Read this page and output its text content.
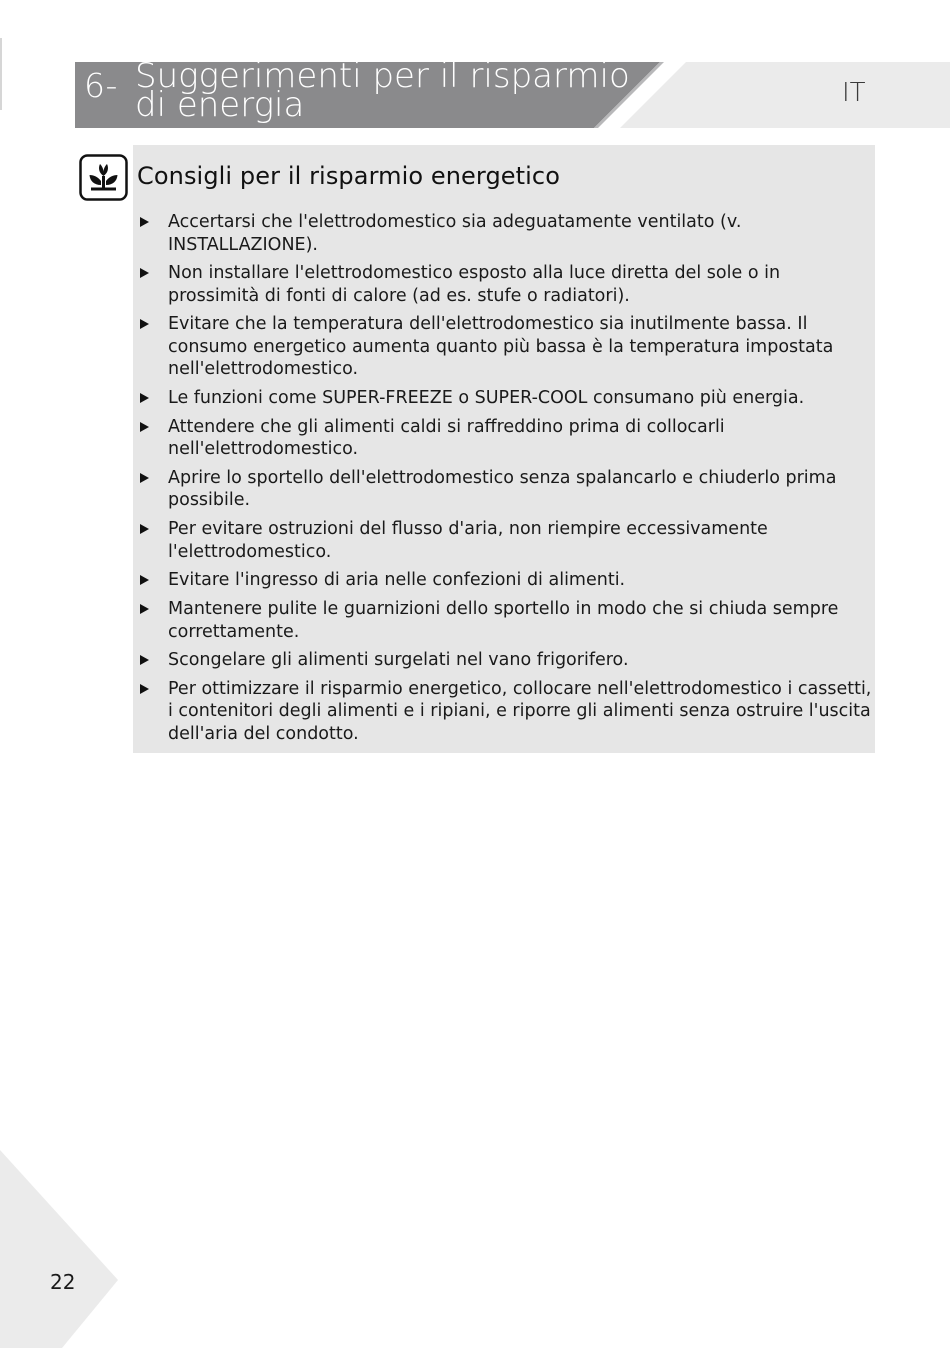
6- Suggerimenti per il risparmio di energia	IT
Consigli per il risparmio energetico
Accertarsi che l'elettrodomestico sia adeguatamente ventilato (v. INSTALLAZIONE).
Non installare l'elettrodomestico esposto alla luce diretta del sole o in prossimità di fonti di calore (ad es. stufe o radiatori).
Evitare che la temperatura dell'elettrodomestico sia inutilmente bassa. Il consumo energetico aumenta quanto più bassa è la temperatura impostata nell'elettrodomestico.
Le funzioni come SUPER-FREEZE o SUPER-COOL consumano più energia.
Attendere che gli alimenti caldi si raffreddino prima di collocarli nell'elettrodomestico.
Aprire lo sportello dell'elettrodomestico senza spalancarlo e chiuderlo prima possibile.
Per evitare ostruzioni del flusso d'aria, non riempire eccessivamente l'elettrodomestico.
Evitare l'ingresso di aria nelle confezioni di alimenti.
Mantenere pulite le guarnizioni dello sportello in modo che si chiuda sempre correttamente.
Scongelare gli alimenti surgelati nel vano frigorifero.
Per ottimizzare il risparmio energetico, collocare nell'elettrodomestico i cassetti, i contenitori degli alimenti e i ripiani, e riporre gli alimenti senza ostruire l'uscita dell'aria del condotto.
22
